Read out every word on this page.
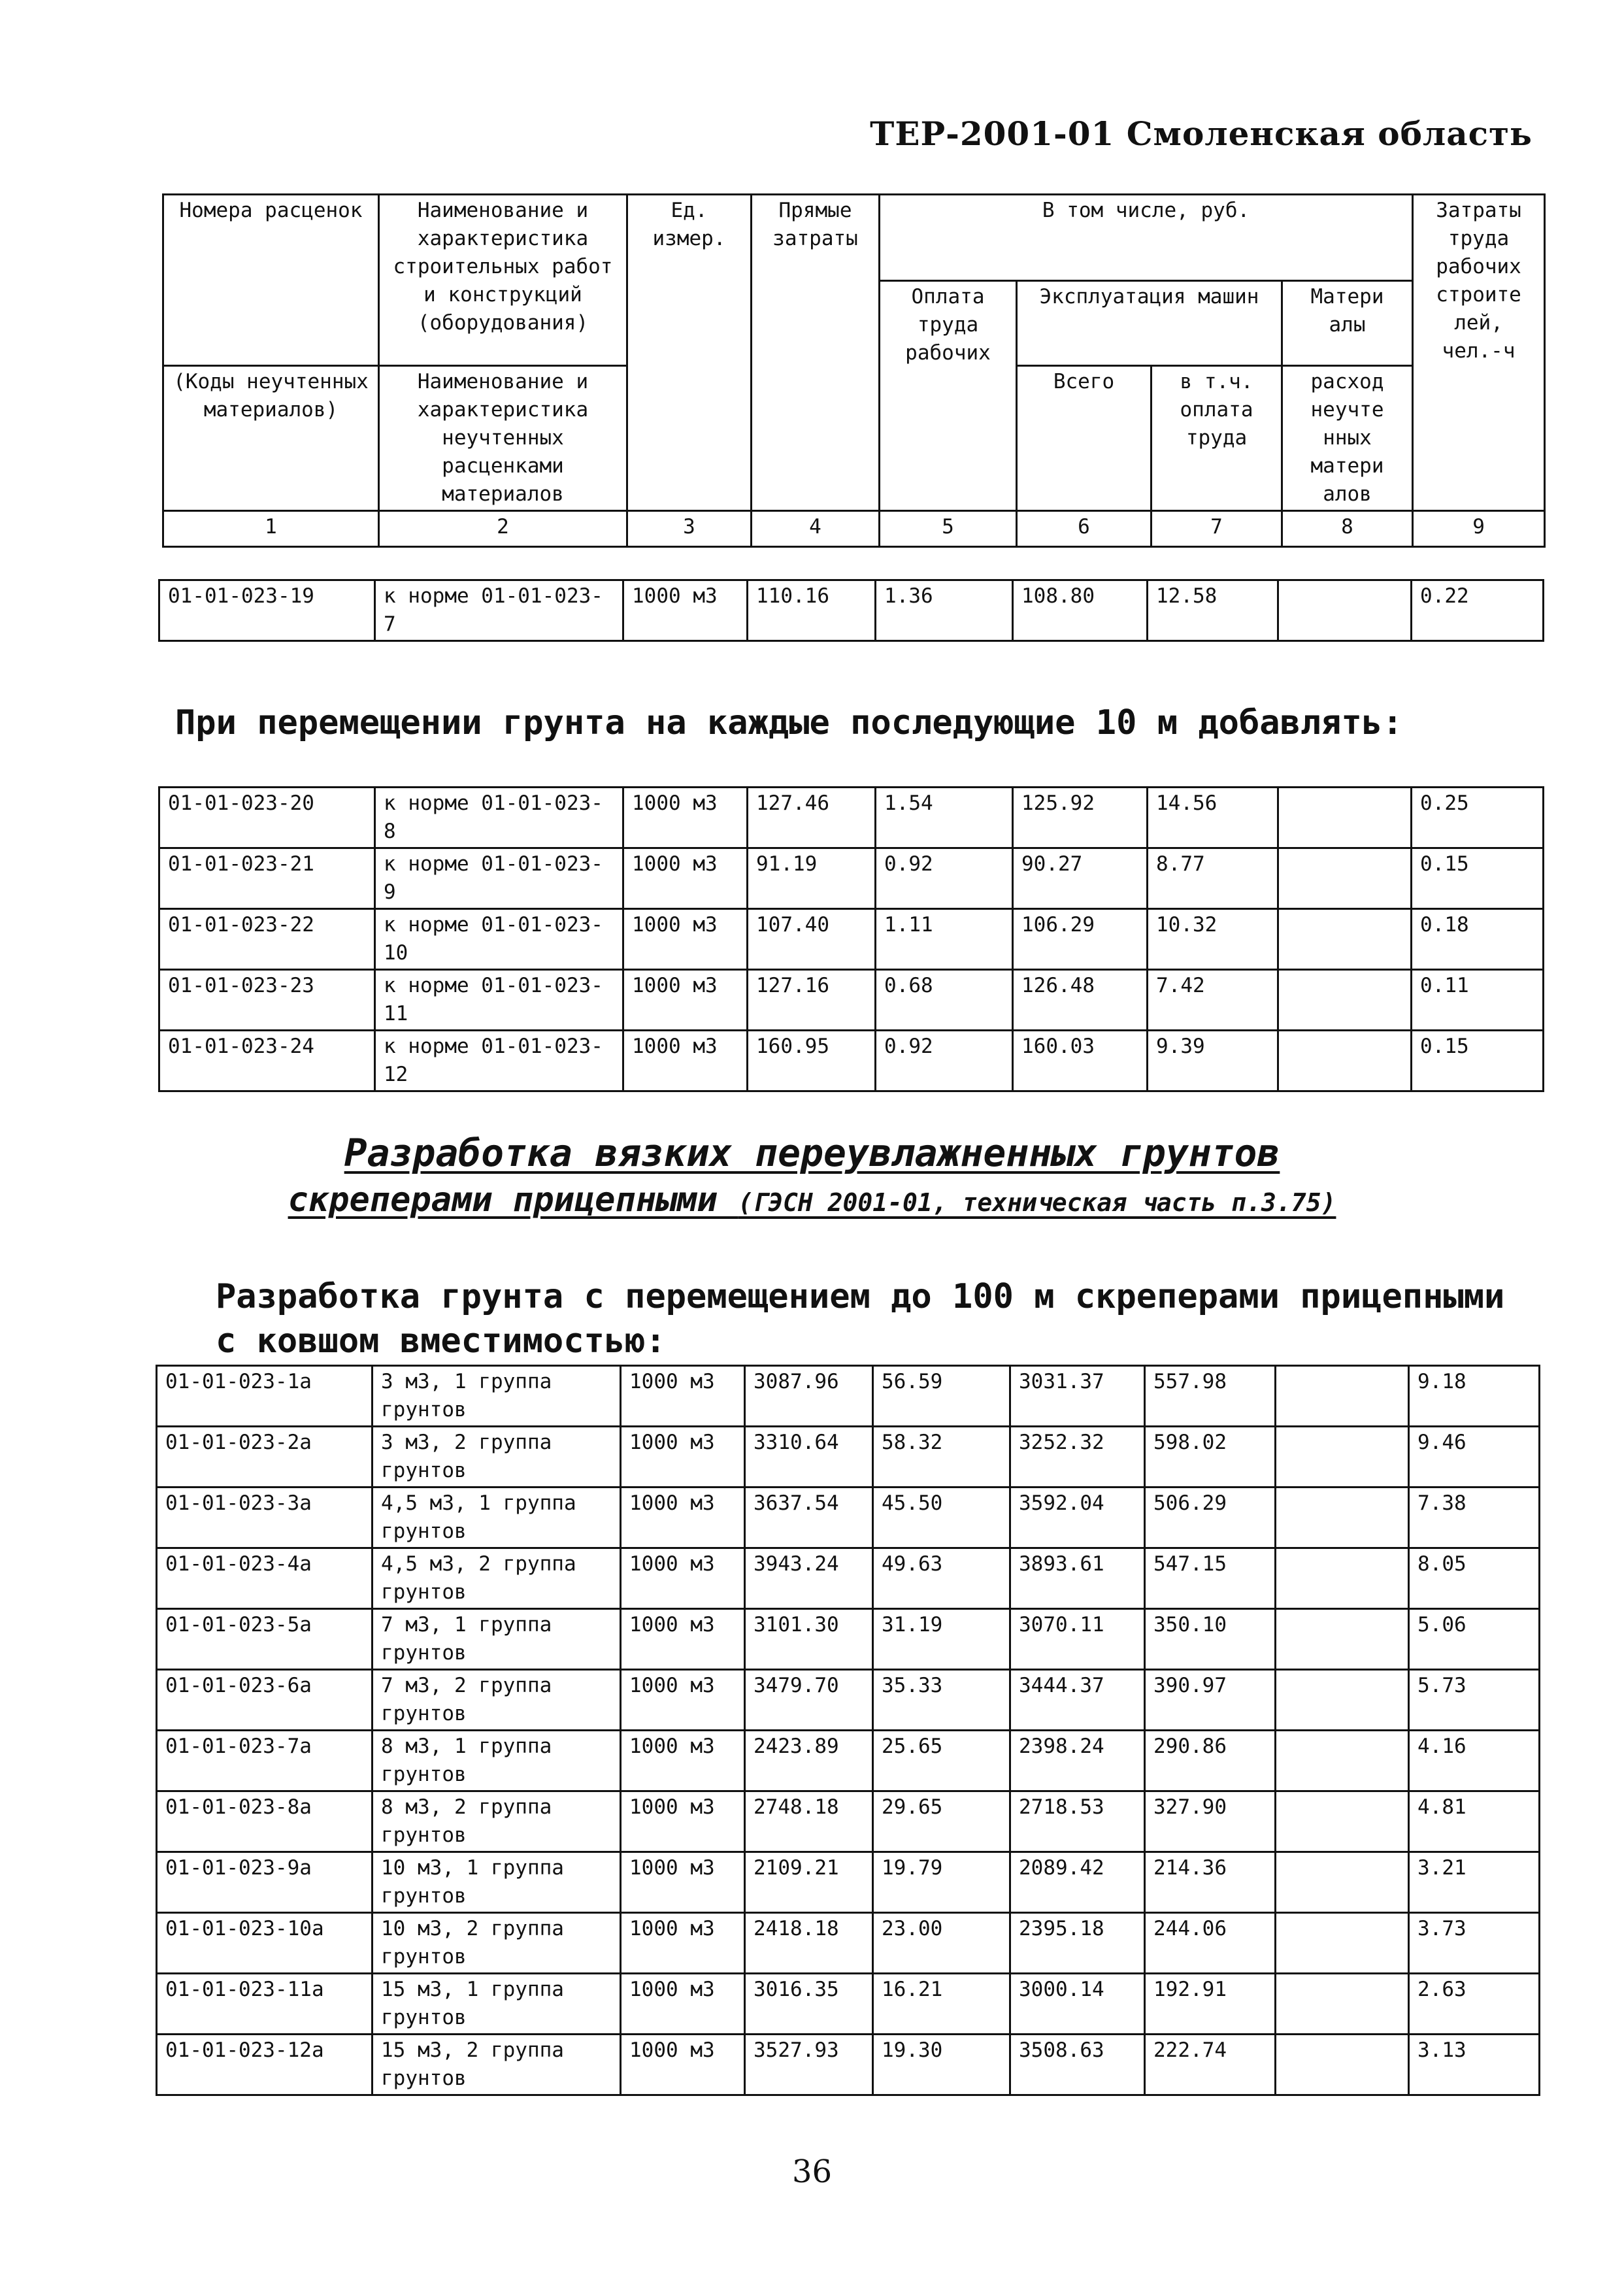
ТЕР-2001-01 Смоленская область
Номера расценок	Наименование и характеристика строительных работ и конструкций (оборудования)	Ед. измер.	Прямые затраты	В том числе, руб.				Затраты труда рабочих строите лей, чел.-ч
				Оплата труда рабочих	Эксплуатация машин		Матери алы	
(Коды неучтенных материалов)	Наименование и характеристика неучтенных расценками материалов				Всего	в т.ч. оплата труда	расход неучте нных матери алов	
1	2	3	4	5	6	7	8	9
01-01-023-19	к норме 01-01-023-7	1000 м3	110.16	1.36	108.80	12.58		0.22
При перемещении грунта на каждые последующие 10 м добавлять:
01-01-023-20	к норме 01-01-023-8	1000 м3	127.46	1.54	125.92	14.56		0.25
01-01-023-21	к норме 01-01-023-9	1000 м3	91.19	0.92	90.27	8.77		0.15
01-01-023-22	к норме 01-01-023-10	1000 м3	107.40	1.11	106.29	10.32		0.18
01-01-023-23	к норме 01-01-023-11	1000 м3	127.16	0.68	126.48	7.42		0.11
01-01-023-24	к норме 01-01-023-12	1000 м3	160.95	0.92	160.03	9.39		0.15
Разработка вязких переувлажненных грунтов
скреперами прицепными (ГЭСН 2001-01, техническая часть п.3.75)
Разработка грунта с перемещением до 100 м скреперами прицепными с ковшом вместимостью:
01-01-023-1а	3 м3, 1 группа грунтов	1000 м3	3087.96	56.59	3031.37	557.98		9.18
01-01-023-2а	3 м3, 2 группа грунтов	1000 м3	3310.64	58.32	3252.32	598.02		9.46
01-01-023-3а	4,5 м3, 1 группа грунтов	1000 м3	3637.54	45.50	3592.04	506.29		7.38
01-01-023-4а	4,5 м3, 2 группа грунтов	1000 м3	3943.24	49.63	3893.61	547.15		8.05
01-01-023-5а	7 м3, 1 группа грунтов	1000 м3	3101.30	31.19	3070.11	350.10		5.06
01-01-023-6а	7 м3, 2 группа грунтов	1000 м3	3479.70	35.33	3444.37	390.97		5.73
01-01-023-7а	8 м3, 1 группа грунтов	1000 м3	2423.89	25.65	2398.24	290.86		4.16
01-01-023-8а	8 м3, 2 группа грунтов	1000 м3	2748.18	29.65	2718.53	327.90		4.81
01-01-023-9а	10 м3, 1 группа грунтов	1000 м3	2109.21	19.79	2089.42	214.36		3.21
01-01-023-10а	10 м3, 2 группа грунтов	1000 м3	2418.18	23.00	2395.18	244.06		3.73
01-01-023-11а	15 м3, 1 группа грунтов	1000 м3	3016.35	16.21	3000.14	192.91		2.63
01-01-023-12а	15 м3, 2 группа грунтов	1000 м3	3527.93	19.30	3508.63	222.74		3.13
36
